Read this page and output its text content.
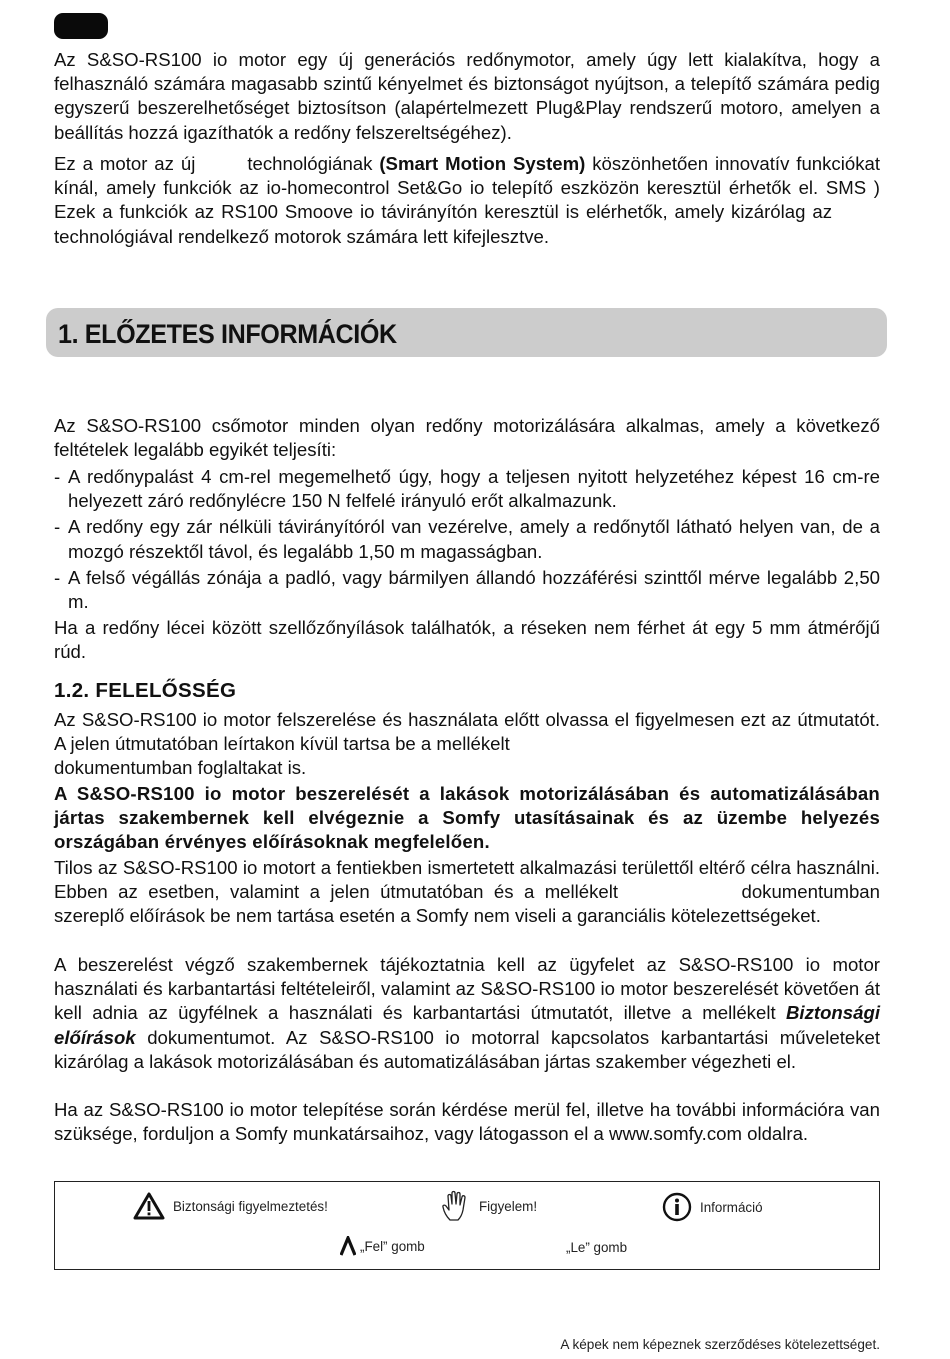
Az S&SO-RS100 io motor egy új generációs redőnymotor, amely úgy lett kialakítva, hogy a felhasználó számára magasabb szintű kényelmet és biztonságot nyújtson, a telepítő számára pedig egyszerű beszerelhetőséget biztosítson (alapértelmezett Plug&Play rendszerű motoro, amelyen a beállítás hozzá igazíthatók a redőny felszereltségéhez).

Ez a motor az új	technológiának (Smart Motion System) köszönhetően innovatív funkciókat kínál, amely funkciók az io-homecontrol Set&Go io telepítő eszközön keresztül érhetők el. SMS ) Ezek a funkciók az RS100 Smoove io távirányítón keresztül is elérhetők, amely kizárólag aztechnológiával rendelkező motorok számára lett kifejlesztve.

1. ELŐZETES INFORMÁCIÓK

Az S&SO-RS100 csőmotor minden olyan redőny motorizálására alkalmas, amely a következő feltételek legalább egyikét teljesíti:

- A redőnypalást 4 cm-rel megemelhető úgy, hogy a teljesen nyitott helyzetéhez képest 16 cm-re helyezett záró redőnylécre 150 N felfelé irányuló erőt alkalmazunk.
- A redőny egy zár nélküli távirányítóról van vezérelve, amely a redőnytől látható helyen van, de a mozgó részektől távol, és legalább 1,50 m magasságban.
- A felső végállás zónája a padló, vagy bármilyen állandó hozzáférési szinttől mérve legalább 2,50 m.

Ha a redőny lécei között szellőzőnyílások találhatók, a réseken nem férhet át egy 5 mm átmérőjű rúd.

1.2. FELELŐSSÉG

Az S&SO-RS100 io motor felszerelése és használata előtt olvassa el figyelmesen ezt az útmutatót. A jelen útmutatóban leírtakon kívül tartsa be a mellékelt
dokumentumban foglaltakat is.

A S&SO-RS100 io motor beszerelését a lakások motorizálásában és automatizálásában jártas szakembernek kell elvégeznie a Somfy utasításainak és az üzembe helyezés országában érvényes előírásoknak megfelelően.

Tilos az S&SO-RS100 io motort a fentiekben ismertetett alkalmazási területtől eltérő célra használni. Ebben az esetben, valamint a jelen útmutatóban és a mellékelt	dokumentumban szereplő előírások be nem tartása esetén a Somfy nem viseli a garanciális kötelezettségeket.

A beszerelést végző szakembernek tájékoztatnia kell az ügyfelet az S&SO-RS100 io motor használati és karbantartási feltételeiről, valamint az S&SO-RS100 io motor beszerelését követően át kell adnia az ügyfélnek a használati és karbantartási útmutatót, illetve a mellékelt Biztonsági előírások dokumentumot. Az S&SO-RS100 io motorral kapcsolatos karbantartási műveleteket kizárólag a lakások motorizálásában és automatizálásában jártas szakember végezheti el.

Ha az S&SO-RS100 io motor telepítése során kérdése merül fel, illetve ha további információra van szüksége, forduljon a Somfy munkatársaihoz, vagy látogasson el a www.somfy.com oldalra.

Biztonsági figyelmeztetés!	Figyelem!	Információ
„Fel” gomb	„Le” gomb
A képek nem képeznek szerződéses kötelezettséget.
